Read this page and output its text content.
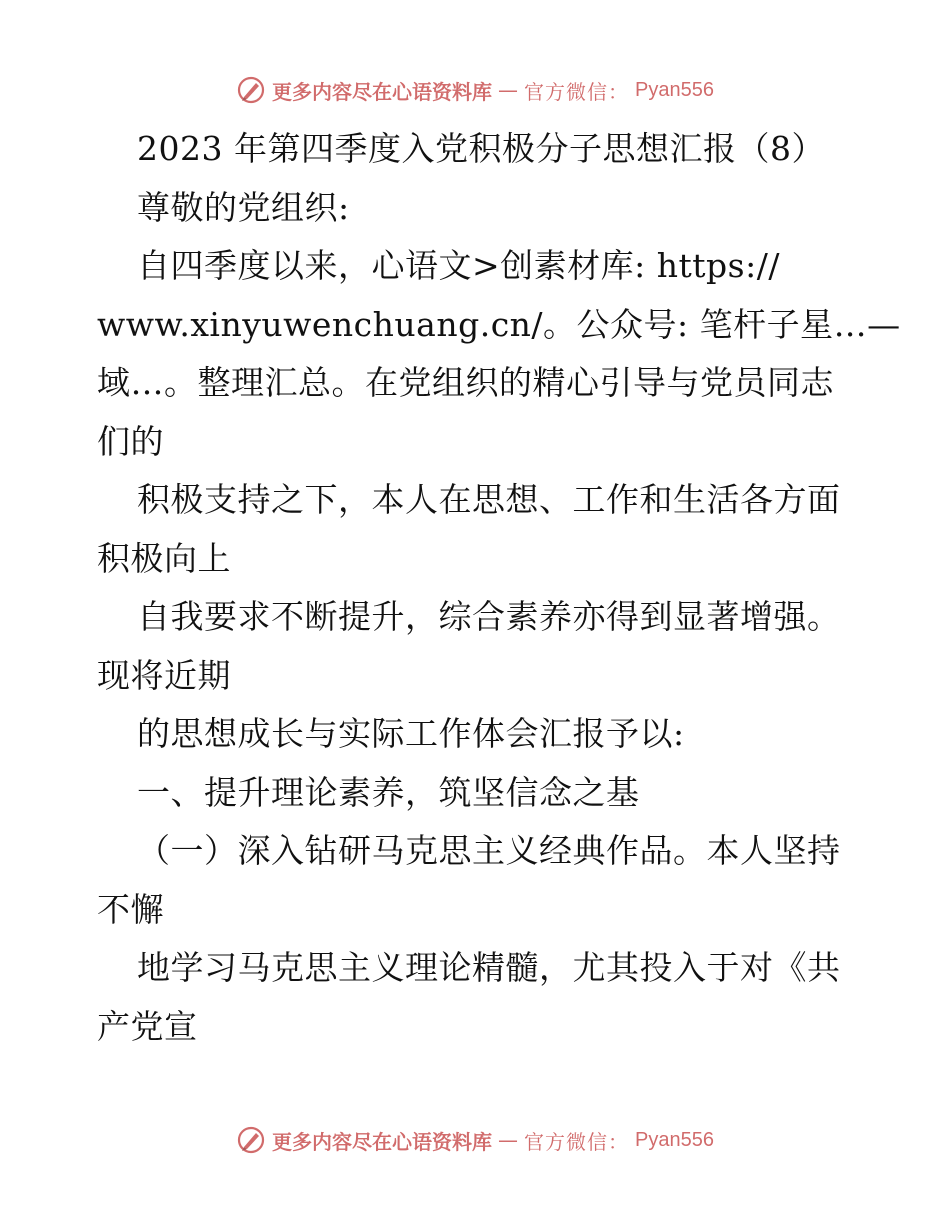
更多内容尽在心语资料库 — 官方微信： Pyan556
2023 年第四季度入党积极分子思想汇报（8）
尊敬的党组织:
自四季度以来，心语文>创素材库: https://
www.xinyuwenchuang.cn/。公众号: 笔杆子星…—
域…。整理汇总。在党组织的精心引导与党员同志
们的
积极支持之下，本人在思想、工作和生活各方面
积极向上
自我要求不断提升，综合素养亦得到显著增强。
现将近期
的思想成长与实际工作体会汇报予以:
一、提升理论素养，筑坚信念之基
（一）深入钻研马克思主义经典作品。本人坚持
不懈
地学习马克思主义理论精髓，尤其投入于对《共
产党宣
更多内容尽在心语资料库 — 官方微信： Pyan556
